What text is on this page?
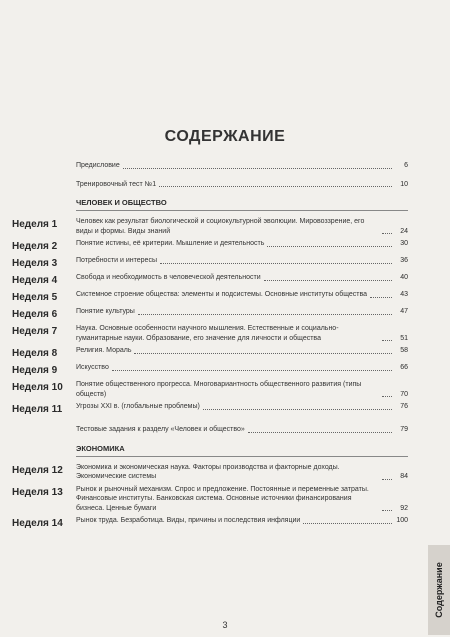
СОДЕРЖАНИЕ
Предисловие	6
Тренировочный тест №1	10
ЧЕЛОВЕК И ОБЩЕСТВО
Неделя 1	Человек как результат биологической и социокультурной эволюции. Мировоззрение, его виды и формы. Виды знаний	24
Неделя 2	Понятие истины, её критерии. Мышление и деятельность	30
Неделя 3	Потребности и интересы	36
Неделя 4	Свобода и необходимость в человеческой деятельности	40
Неделя 5	Системное строение общества: элементы и подсистемы. Основные институты общества	43
Неделя 6	Понятие культуры	47
Неделя 7	Наука. Основные особенности научного мышления. Естественные и социально-гуманитарные науки. Образование, его значение для личности и общества	51
Неделя 8	Религия. Мораль	58
Неделя 9	Искусство	66
Неделя 10	Понятие общественного прогресса. Многовариантность общественного развития (типы обществ)	70
Неделя 11	Угрозы XXI в. (глобальные проблемы)	76
Тестовые задания к разделу «Человек и общество»	79
ЭКОНОМИКА
Неделя 12	Экономика и экономическая наука. Факторы производства и факторные доходы. Экономические системы	84
Неделя 13	Рынок и рыночный механизм. Спрос и предложение. Постоянные и переменные затраты. Финансовые институты. Банковская система. Основные источники финансирования бизнеса. Ценные бумаги	92
Неделя 14	Рынок труда. Безработица. Виды, причины и последствия инфляции	100
Содержание
3
